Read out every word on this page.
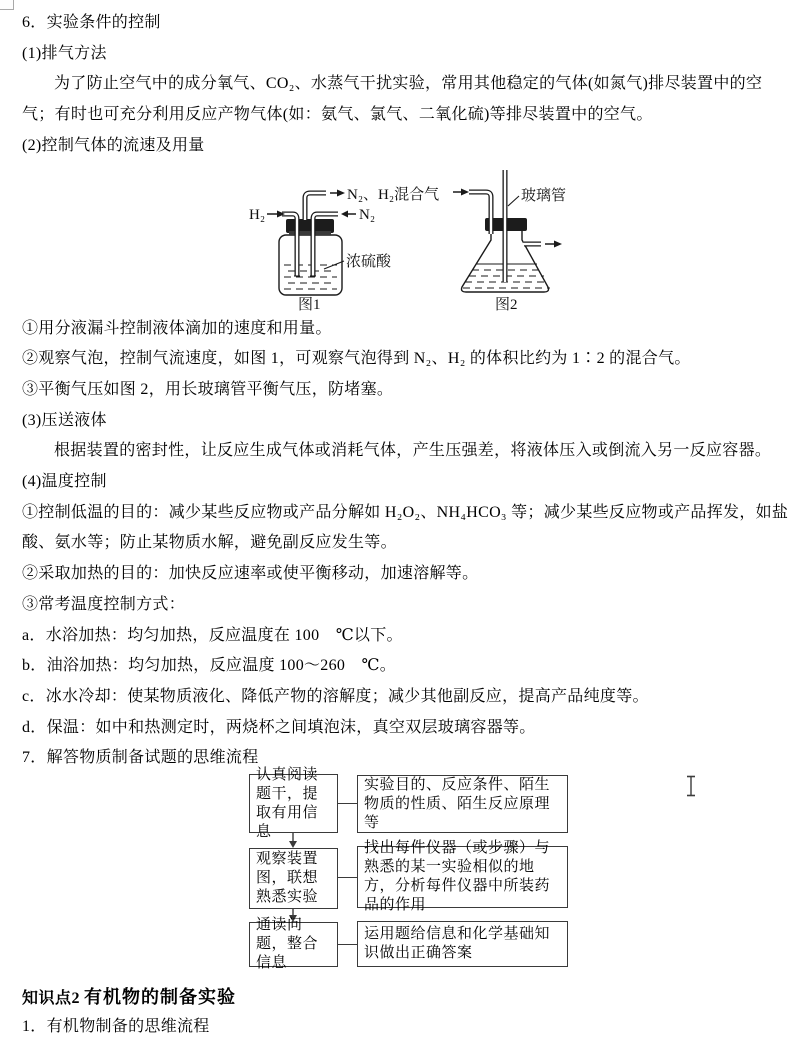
6．实验条件的控制

(1)排气方法

为了防止空气中的成分氧气、CO₂、水蒸气干扰实验，常用其他稳定的气体(如氮气)排尽装置中的空气；有时也可充分利用反应产物气体(如：氨气、氯气、二氧化硫)等排尽装置中的空气。

(2)控制气体的流速及用量

H₂
N₂、H₂混合气
N₂
浓硫酸
图1
玻璃管
图2

①用分液漏斗控制液体滴加的速度和用量。

②观察气泡，控制气流速度，如图 1，可观察气泡得到 N₂、H₂ 的体积比约为 1∶2 的混合气。

③平衡气压如图 2，用长玻璃管平衡气压，防堵塞。

(3)压送液体

根据装置的密封性，让反应生成气体或消耗气体，产生压强差，将液体压入或倒流入另一反应容器。

(4)温度控制

①控制低温的目的：减少某些反应物或产品分解如 H₂O₂、NH₄HCO₃ 等；减少某些反应物或产品挥发，如盐酸、氨水等；防止某物质水解，避免副反应发生等。

②采取加热的目的：加快反应速率或使平衡移动，加速溶解等。

③常考温度控制方式：

a．水浴加热：均匀加热，反应温度在 100　℃以下。

b．油浴加热：均匀加热，反应温度 100～260　℃。

c．冰水冷却：使某物质液化、降低产物的溶解度；减少其他副反应，提高产品纯度等。

d．保温：如中和热测定时，两烧杯之间填泡沫，真空双层玻璃容器等。

7．解答物质制备试题的思维流程

认真阅读题干，提取有用信息
实验目的、反应条件、陌生物质的性质、陌生反应原理等
观察装置图，联想熟悉实验
找出每件仪器（或步骤）与熟悉的某一实验相似的地方，分析每件仪器中所装药品的作用
通读问题，整合信息
运用题给信息和化学基础知识做出正确答案

知识点2 有机物的制备实验

1．有机物制备的思维流程
